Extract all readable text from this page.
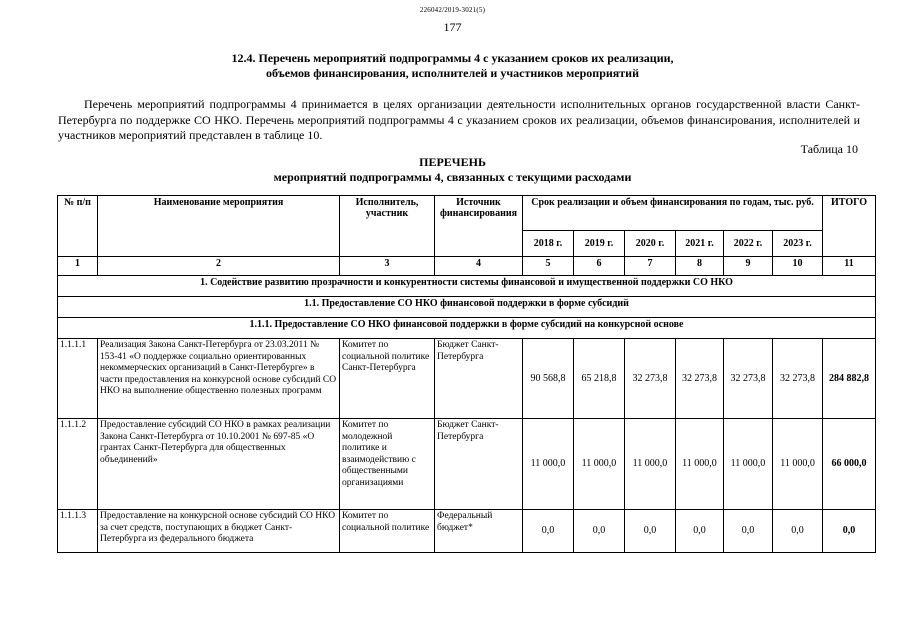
226042/2019-3021(5)
177
12.4. Перечень мероприятий подпрограммы 4 с указанием сроков их реализации,
объемов финансирования, исполнителей и участников мероприятий
Перечень мероприятий подпрограммы 4 принимается в целях организации деятельности исполнительных органов государственной власти Санкт-Петербурга по поддержке СО НКО. Перечень мероприятий подпрограммы 4 с указанием сроков их реализации, объемов финансирования, исполнителей и участников мероприятий представлен в таблице 10.
Таблица 10
ПЕРЕЧЕНЬ
мероприятий подпрограммы 4, связанных с текущими расходами
№ п/п	Наименование мероприятия	Исполнитель, участник	Источник финансирования	Срок реализации и объем финансирования по годам, тыс. руб.						ИТОГО
				2018 г.	2019 г.	2020 г.	2021 г.	2022 г.	2023 г.	
1	2	3	4	5	6	7	8	9	10	11
1. Содействие развитию прозрачности и конкурентности системы финансовой и имущественной поддержки СО НКО										
1.1. Предоставление СО НКО финансовой поддержки в форме субсидий										
1.1.1. Предоставление СО НКО финансовой поддержки в форме субсидий на конкурсной основе										
1.1.1.1	Реализация Закона Санкт-Петербурга от 23.03.2011 № 153-41 «О поддержке социально ориентированных некоммерческих организаций в Санкт-Петербурге» в части предоставления на конкурсной основе субсидий СО НКО на выполнение общественно полезных программ	Комитет по социальной политике Санкт-Петербурга	Бюджет Санкт-Петербурга	90 568,8	65 218,8	32 273,8	32 273,8	32 273,8	32 273,8	284 882,8
1.1.1.2	Предоставление субсидий СО НКО в рамках реализации Закона Санкт-Петербурга от 10.10.2001 № 697-85 «О грантах Санкт-Петербурга для общественных объединений»	Комитет по молодежной политике и взаимодействию с общественными организациями	Бюджет Санкт-Петербурга	11 000,0	11 000,0	11 000,0	11 000,0	11 000,0	11 000,0	66 000,0
1.1.1.3	Предоставление на конкурсной основе субсидий СО НКО за счет средств, поступающих в бюджет Санкт-Петербурга из федерального бюджета	Комитет по социальной политике	Федеральный бюджет*	0,0	0,0	0,0	0,0	0,0	0,0	0,0
